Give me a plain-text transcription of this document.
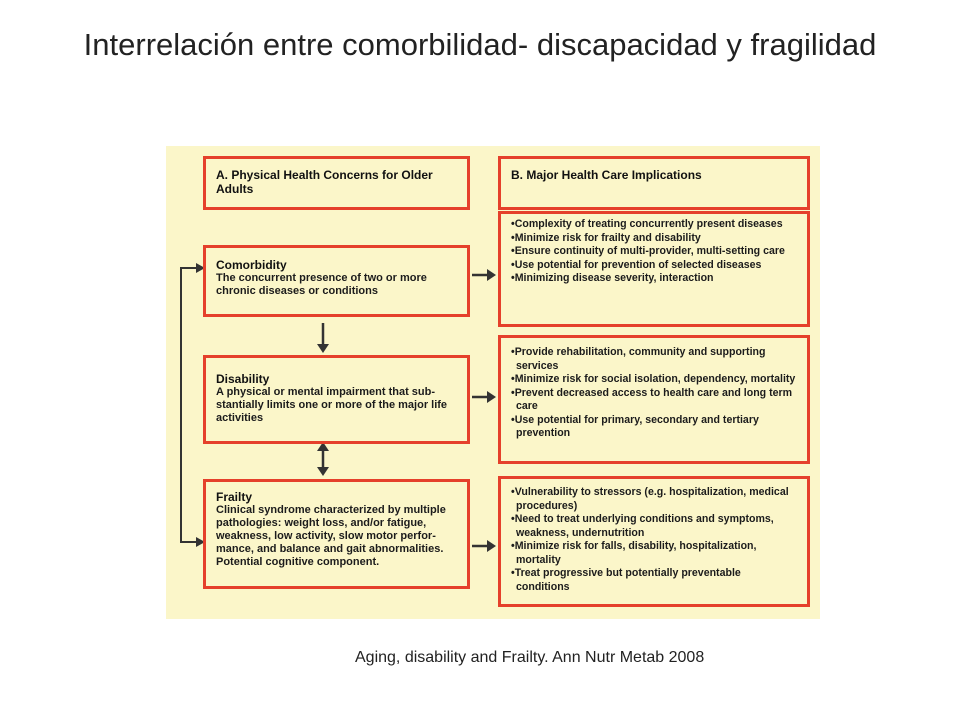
Interrelación entre comorbilidad- discapacidad y fragilidad
A. Physical Health Concerns for Older Adults
Comorbidity
The concurrent presence of two or more chronic diseases or conditions
Disability
A physical or mental impairment that sub-stantially limits one or more of the major life activities
Frailty
Clinical syndrome characterized by multiple pathologies: weight loss, and/or fatigue, weakness, low activity, slow motor perfor-mance, and balance and gait abnormalities. Potential cognitive component.
B. Major Health Care Implications
• Complexity of treating concurrently present diseases
• Minimize risk for frailty and disability
• Ensure continuity of multi-provider, multi-setting care
• Use potential for prevention of selected diseases
• Minimizing disease severity, interaction
• Provide rehabilitation, community and supporting services
• Minimize risk for social isolation, dependency, mortality
• Prevent decreased access to health care and long term care
• Use potential for primary, secondary and tertiary prevention
• Vulnerability to stressors (e.g. hospitalization, medical procedures)
• Need to treat underlying conditions and symptoms, weakness, undernutrition
• Minimize risk for falls, disability, hospitalization, mortality
• Treat progressive but potentially preventable conditions
Aging, disability and Frailty. Ann Nutr Metab 2008
